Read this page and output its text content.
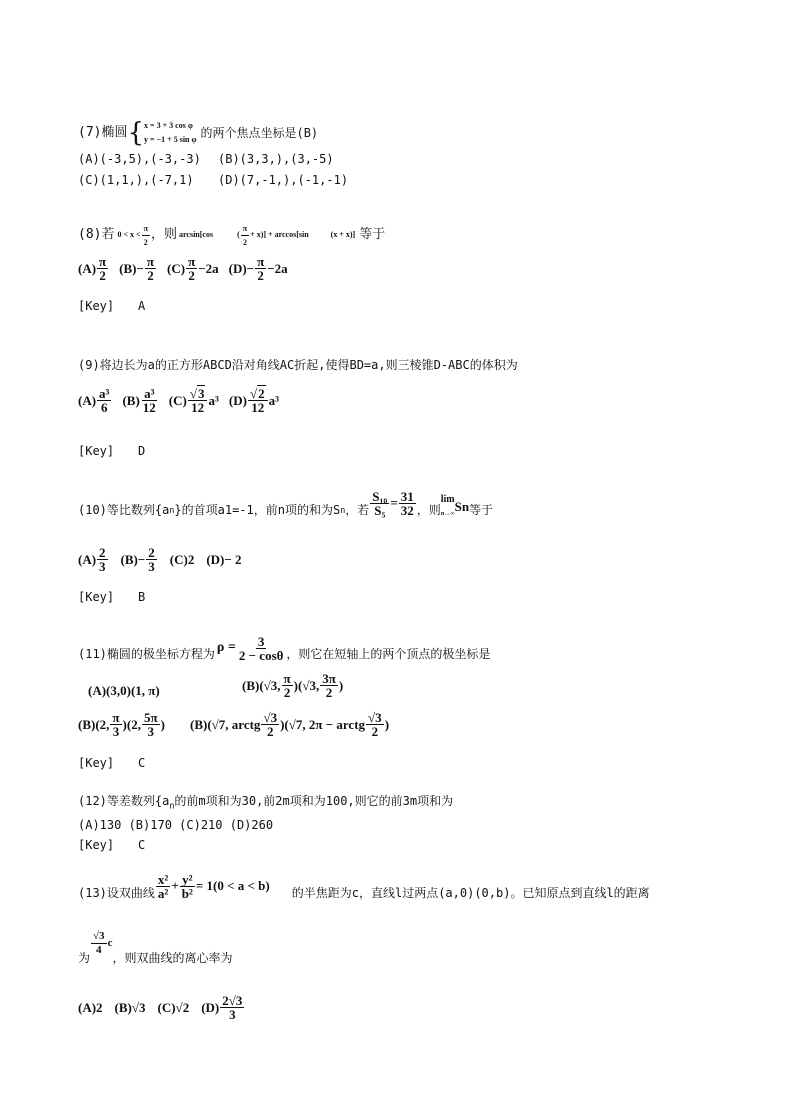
(7)椭圆 { x = 3 + 3 cos φ
y = −1 + 5 sin φ 的两个焦点坐标是(B)
(A)(-3,5),(-3,-3) (B)(3,3,),(3,-5)
(C)(1,1,),(-7,1) (D)(7,-1,),(-1,-1)
(8)若 $0 < x < \frac{\pi}{2}$ ，则 arcsin[cos	( $\frac{\pi}{2} + x)] + \arccos[\sin$	(x + x)] 等于
$(A) \frac{\pi}{2} (B)- \frac{\pi}{2} (C) \frac{\pi}{2} -2a$ $(D)- \frac{\pi}{2} -2a$
[Key] A
(9)将边长为a的正方形ABCD沿对角线AC折起,使得BD=a,则三棱锥D-ABC的体积为
$(A) \frac{\text{a³}}{6} (B) \frac{\text{a³}}{12} (C) \frac{√3}{12} a^3$ $(D) \frac{√2}{12} a^3$
[Key] D
(10)等比数列{a n }的首项a1=-1，前n项的和为S n ，若 $\frac{\text{S₁₀}}{\text{S₅}} = \frac{31}{32}$ ，则
lim
n→∞ S n 等于
$(A) \frac{2}{3} (B)- \frac{2}{3} (C)2$ (D)− 2
[Key] B
(11)椭圆的极坐标方程为 $\rho = \frac{3}{2 - \cos\theta}$ ，则它在短轴上的两个顶点的极坐标是
(A)(3,0)(1, π)	(B)(√3, $\frac{\pi}{2} )(√3$, $\frac{3\pi}{2}$ )
(B)(2, $\frac{\pi}{3} )(2$, $\frac{5\pi}{3}$ ) (B)(√7, arctg $\frac{√3}{2} )(√7$, 2π − arctg $\frac{√3}{2}$ )
[Key] C
(12)等差数列{$a_n$的前m项和为30,前2m项和为100,则它的前3m项和为
(A)130 (B)170 (C)210 (D)260
[Key] C
(13)设双曲线 $\frac{\text{x²}}{\text{a²}} + \frac{\text{y²}}{\text{b²}} = 1(0 < a < b)$ 的半焦距为c，直线l过两点(a,0)(0,b)。已知原点到直线l的距离
为
$\frac{√3}{4}$ c
，则双曲线的离心率为
(A)2 (B)√3 (C)√2 $(D) \frac{2√3}{3}$
